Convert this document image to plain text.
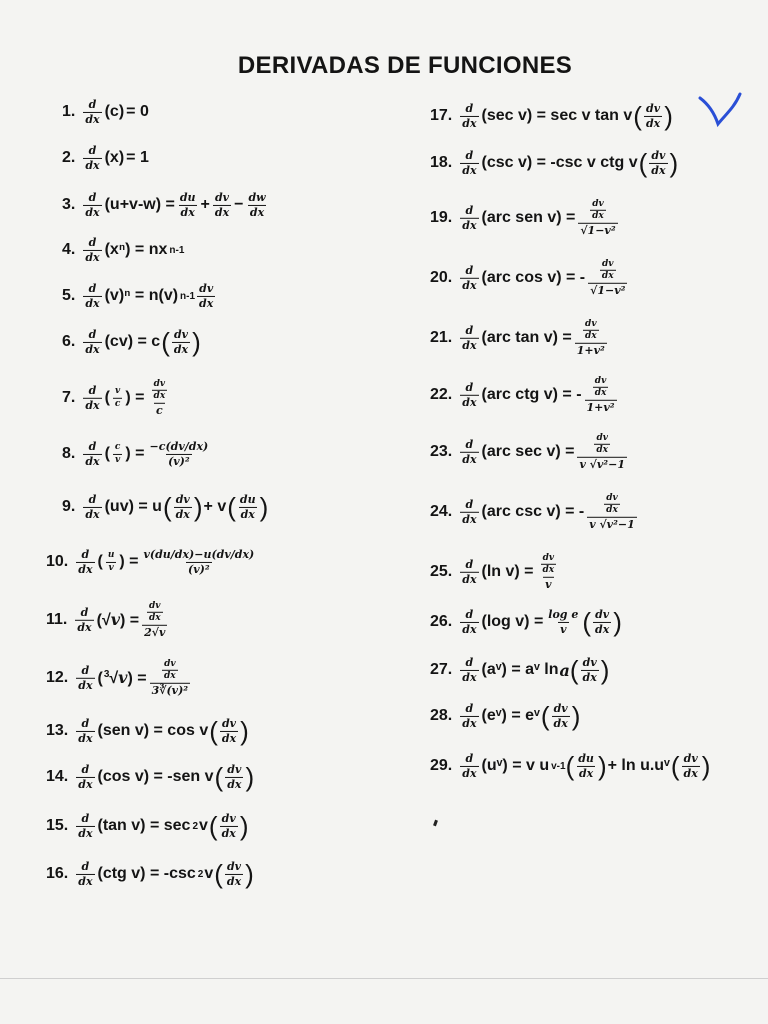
DERIVADAS DE FUNCIONES
1. $\frac{d}{dx} (c) = 0$
2. $\frac{d}{dx} (x) = 1$
3. $\frac{d}{dx} (u+v-w) = \frac{du}{dx} + \frac{dv}{dx} - \frac{dw}{dx}$
4. $\frac{d}{dx} (x^n)$ = nx n-1
5. $\frac{d}{dx} (v)^n = n(v)$ $n-1 \frac{dv}{dx}$
6. $\frac{d}{dx} (cv) = c$ ( $\frac{dv}{dx}$ )
7. $\frac{d}{dx}$ ( $\frac{v}{c}$ ) = $\frac{\frac{dv}{dx}}{c}$
8. $\frac{d}{dx}$ ( $\frac{c}{v}$ ) = $\frac{-c(dv/dx)}{\text{(v)²}}$
9. $\frac{d}{dx} (uv) = u$ ( $\frac{dv}{dx}$ ) + v ( $\frac{du}{dx}$ )
10. $\frac{d}{dx}$ ( $\frac{u}{v}$ ) = $\frac{v(du/dx)-u(dv/dx)}{\text{(v)²}}$
11. $\frac{d}{dx} (√v) = \frac{\frac{dv}{dx}}{2√v}$
12. $\frac{d}{dx} (^3√v) = \frac{\frac{dv}{dx}}{\text{3∛(v)²}}$
13. $\frac{d}{dx} (sen$ v) = cos v ( $\frac{dv}{dx}$ )
14. $\frac{d}{dx} (\cos$ v) = -sen v ( $\frac{dv}{dx}$ )
15. $\frac{d}{dx} (\tan$ v) = sec 2 v ( $\frac{dv}{dx}$ )
16. $\frac{d}{dx} (ctg$ v) = -csc 2 v ( $\frac{dv}{dx}$ )
17. $\frac{d}{dx} (\sec$ v) = sec v tan v ( $\frac{dv}{dx}$ )
18. $\frac{d}{dx} (\csc$ v) = -csc v ctg v ( $\frac{dv}{dx}$ )
19. $\frac{d}{dx} (arc$ sen $v) = \frac{\frac{dv}{dx}}{\text{√1−v²}}$
20. $\frac{d}{dx} (arc$ cos v) = - $\frac{\frac{dv}{dx}}{\text{√1−v²}}$
21. $\frac{d}{dx} (arc$ $\tan v) = \frac{\frac{dv}{dx}}{\text{1+v²}}$
22. $\frac{d}{dx} (arc$ ctg v) = - $\frac{\frac{dv}{dx}}{\text{1+v²}}$
23. $\frac{d}{dx} (arc$ $\sec v) = \frac{\frac{dv}{dx}}{\text{v √v²−1}}$
24. $\frac{d}{dx} (arc$ csc v) = - $\frac{\frac{dv}{dx}}{\text{v √v²−1}}$
25. $\frac{d}{dx} (\ln$ $v) = \frac{\frac{dv}{dx}}{v}$
26. $\frac{d}{dx} (\log$ $v) = \frac{\text{log e}}{v}$ ( $\frac{dv}{dx}$ )
27. $\frac{d}{dx}$ (aᵛ) = aᵛ ln a ( $\frac{dv}{dx}$ )
28. $\frac{d}{dx}$ (eᵛ) = eᵛ ( $\frac{dv}{dx}$ )
29. $\frac{d}{dx}$ (uᵛ) = v u v-1 ( $\frac{du}{dx}$ ) + ln u.uᵛ ( $\frac{dv}{dx}$ )
